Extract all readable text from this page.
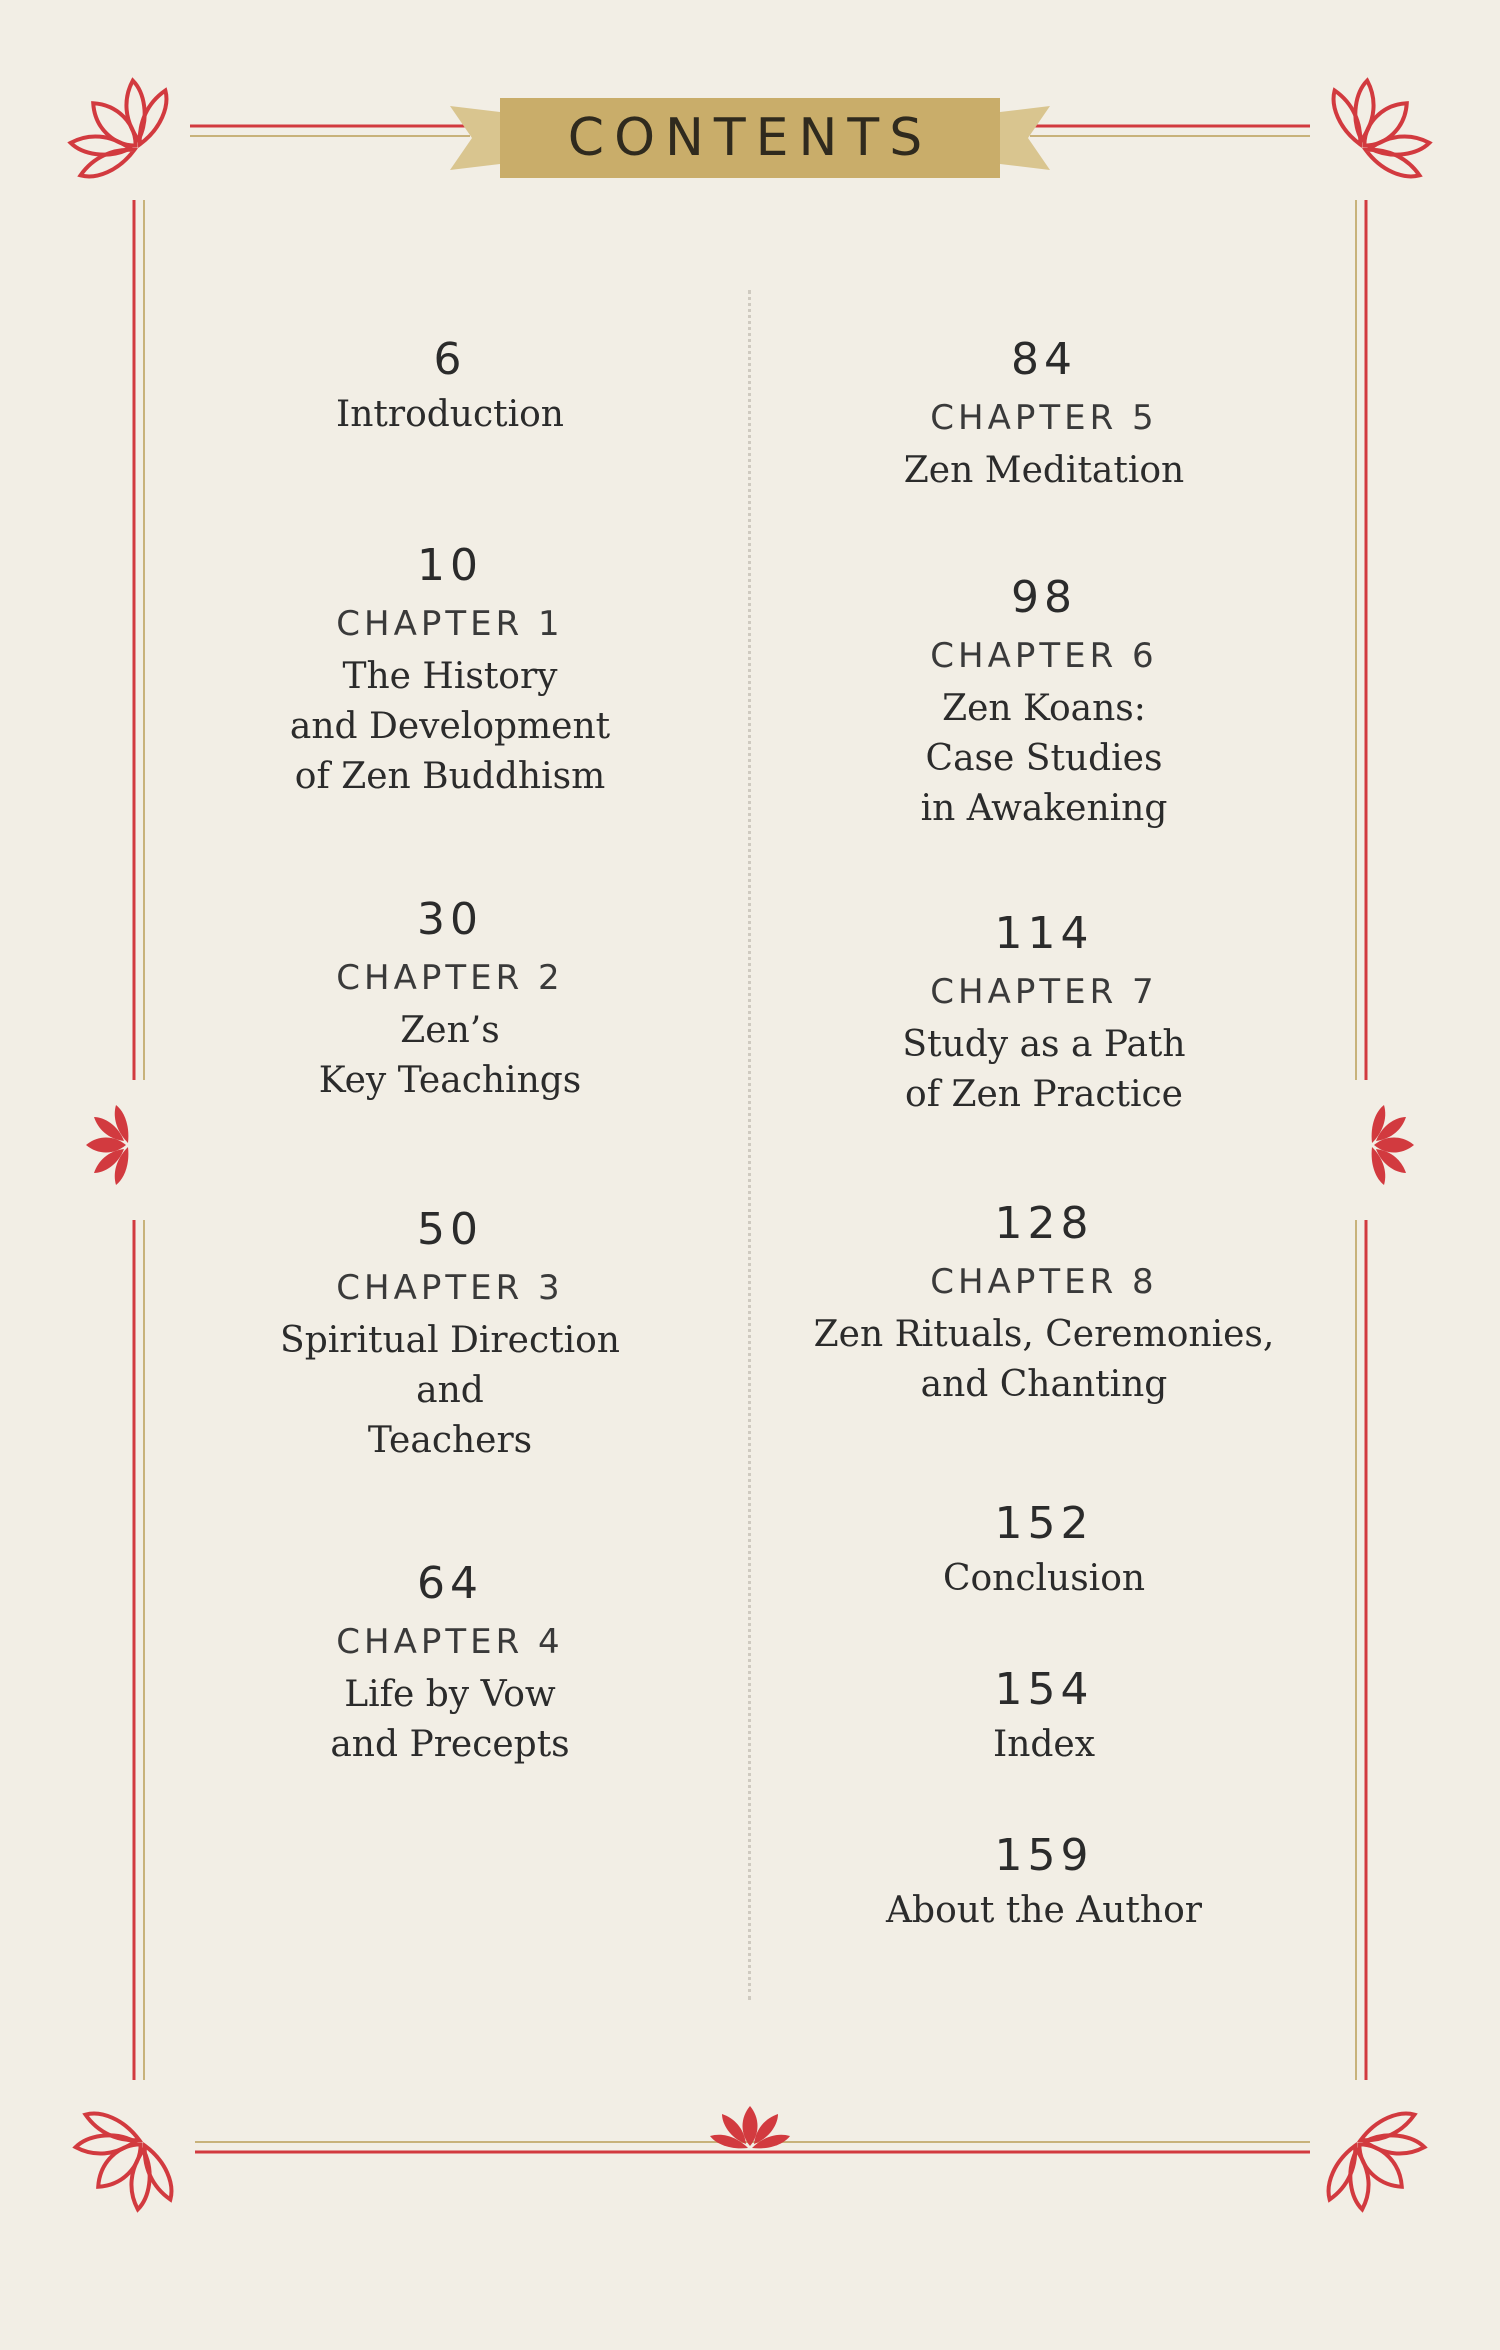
CONTENTS
6
Introduction
10
CHAPTER 1
The History
and Development
of Zen Buddhism
30
CHAPTER 2
Zen’s
Key Teachings
50
CHAPTER 3
Spiritual Direction
and
Teachers
64
CHAPTER 4
Life by Vow
and Precepts
84
CHAPTER 5
Zen Meditation
98
CHAPTER 6
Zen Koans:
Case Studies
in Awakening
114
CHAPTER 7
Study as a Path
of Zen Practice
128
CHAPTER 8
Zen Rituals, Ceremonies,
and Chanting
152
Conclusion
154
Index
159
About the Author
